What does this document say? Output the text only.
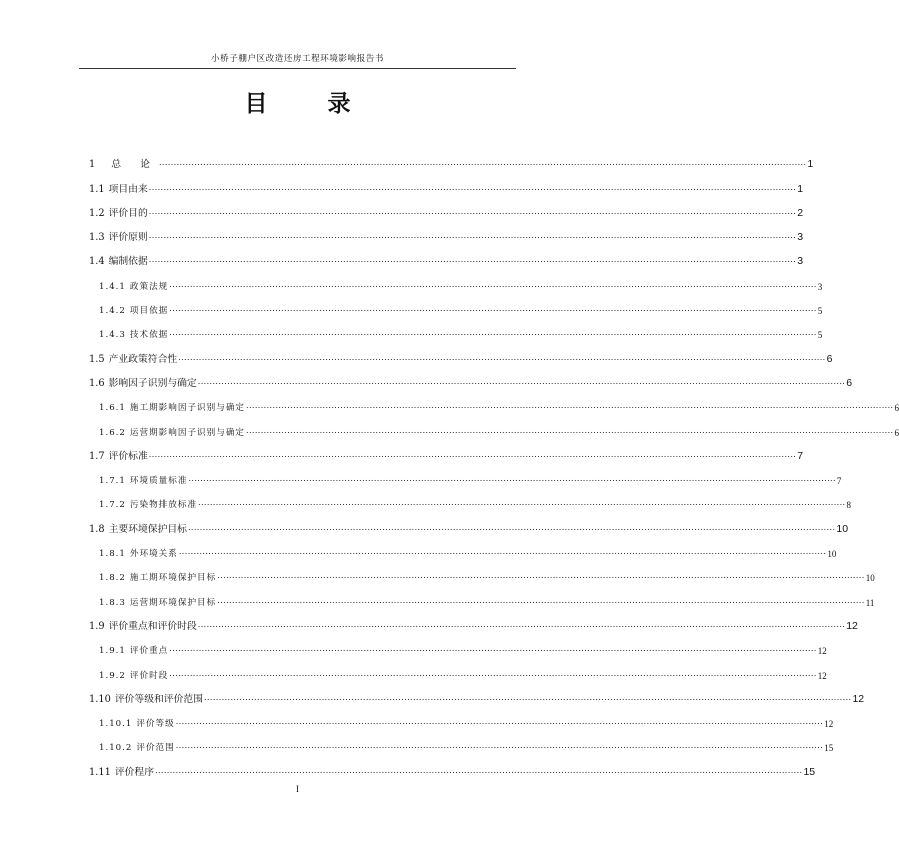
小桥子棚户区改造还房工程环境影响报告书
目 录
1 总 论 ............................................................................................................................................................................................................................ 1
1.1 项目由来 ............................................................................................................................................................................................................................ 1
1.2 评价目的 ............................................................................................................................................................................................................................ 2
1.3 评价原则 ............................................................................................................................................................................................................................ 3
1.4 编制依据 ............................................................................................................................................................................................................................ 3
1.4.1 政策法规 ............................................................................................................................................................................................................................ 3
1.4.2 项目依据 ............................................................................................................................................................................................................................ 5
1.4.3 技术依据 ............................................................................................................................................................................................................................ 5
1.5 产业政策符合性 ............................................................................................................................................................................................................................ 6
1.6 影响因子识别与确定 ............................................................................................................................................................................................................................ 6
1.6.1 施工期影响因子识别与确定 ............................................................................................................................................................................................................................ 6
1.6.2 运营期影响因子识别与确定 ............................................................................................................................................................................................................................ 6
1.7 评价标准 ............................................................................................................................................................................................................................ 7
1.7.1 环境质量标准 ............................................................................................................................................................................................................................ 7
1.7.2 污染物排放标准 ............................................................................................................................................................................................................................ 8
1.8 主要环境保护目标 ............................................................................................................................................................................................................................ 10
1.8.1 外环境关系 ............................................................................................................................................................................................................................ 10
1.8.2 施工期环境保护目标 ............................................................................................................................................................................................................................ 10
1.8.3 运营期环境保护目标 ............................................................................................................................................................................................................................ 11
1.9 评价重点和评价时段 ............................................................................................................................................................................................................................ 12
1.9.1 评价重点 ............................................................................................................................................................................................................................ 12
1.9.2 评价时段 ............................................................................................................................................................................................................................ 12
1.10 评价等级和评价范围 ............................................................................................................................................................................................................................ 12
1.10.1 评价等级 ............................................................................................................................................................................................................................ 12
1.10.2 评价范围 ............................................................................................................................................................................................................................ 15
1.11 评价程序 ............................................................................................................................................................................................................................ 15
I
